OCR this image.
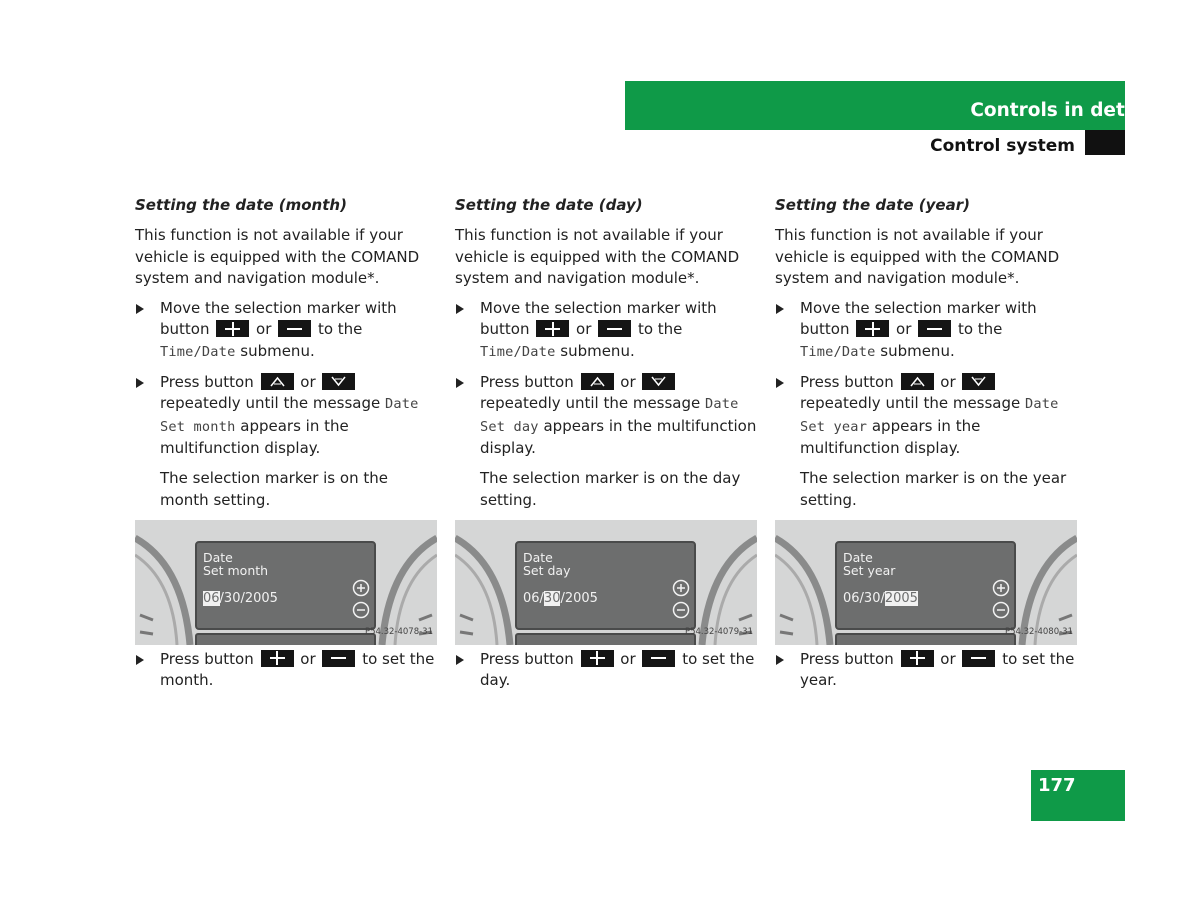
Controls in detail
Control system

Setting the date (month)

This function is not available if your vehicle is equipped with the COMAND system and navigation module*.

Move the selection marker with button	or	to the Time/Date submenu.

Press button	or
repeatedly until the message Date Set month appears in the multifunction display.

The selection marker is on the month setting.

Date
Set month
06/30/2005
P54.32-4078-31

Press button	or	to set the month.

Setting the date (day)

This function is not available if your vehicle is equipped with the COMAND system and navigation module*.

Move the selection marker with button	or	to the Time/Date submenu.

Press button	or
repeatedly until the message Date Set day appears in the multifunction display.

The selection marker is on the day setting.

Date
Set day
06/30/2005
P54.32-4079-31

Press button	or	to set the day.

Setting the date (year)

This function is not available if your vehicle is equipped with the COMAND system and navigation module*.

Move the selection marker with button	or	to the Time/Date submenu.

Press button	or
repeatedly until the message Date Set year appears in the multifunction display.

The selection marker is on the year setting.

Date
Set year
06/30/2005
P54.32-4080-31

Press button	or	to set the year.

177
